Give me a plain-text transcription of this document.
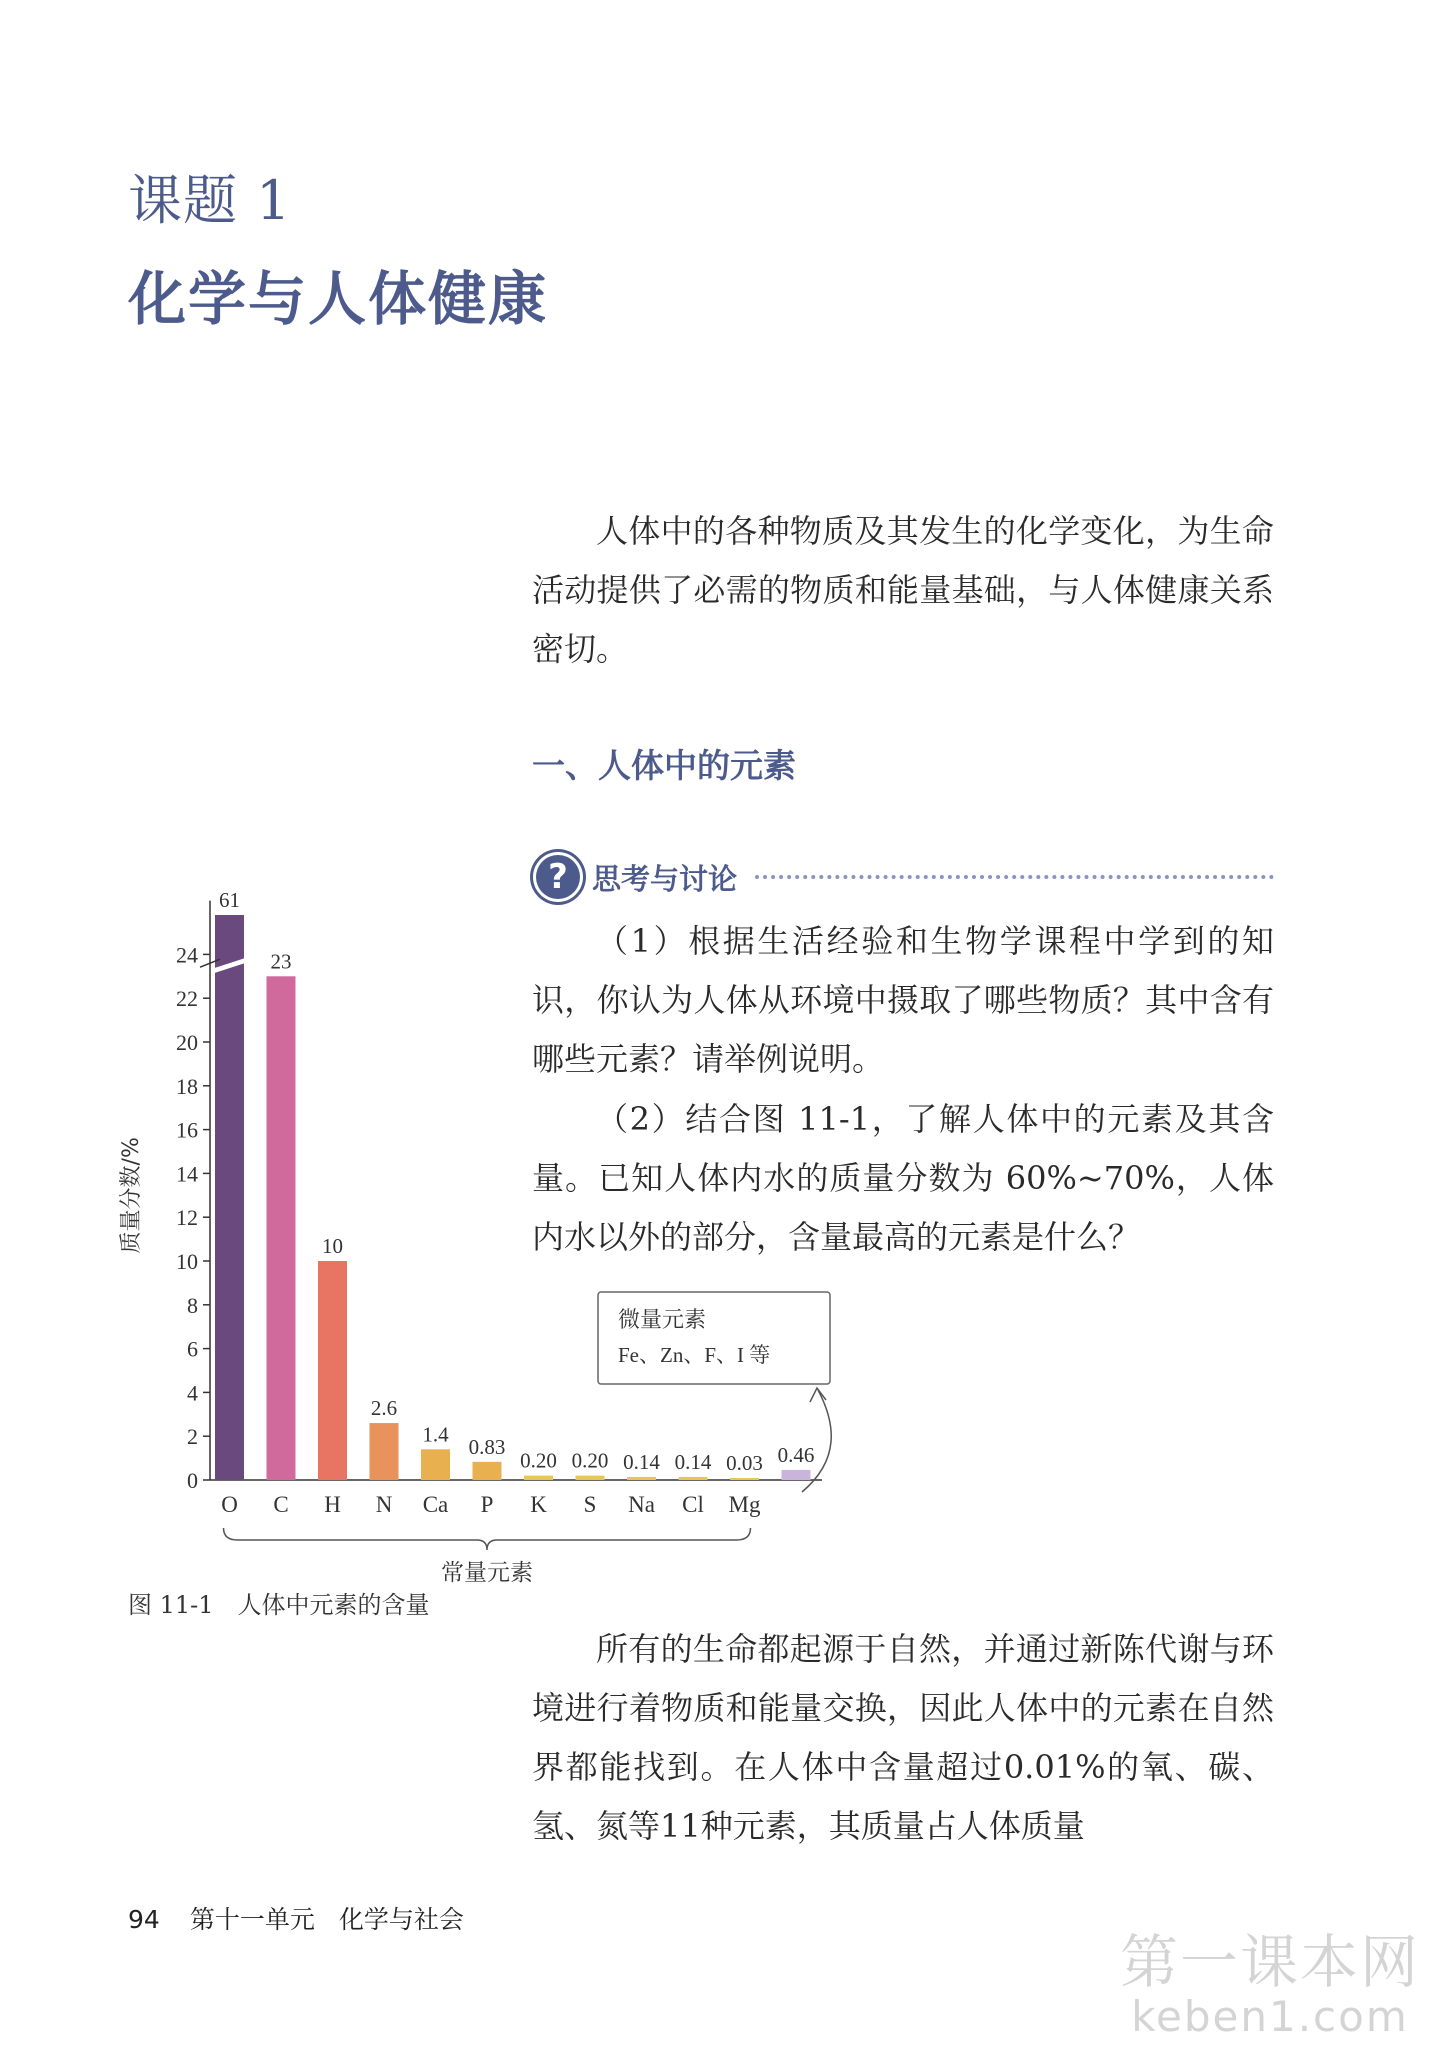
课题 1
化学与人体健康

人体中的各种物质及其发生的化学变化，为生命活动提供了必需的物质和能量基础，与人体健康关系密切。

一、人体中的元素
? 思考与讨论

（1）根据生活经验和生物学课程中学到的知识，你认为人体从环境中摄取了哪些物质？其中含有哪些元素？请举例说明。

（2）结合图 11-1，了解人体中的元素及其含量。已知人体内水的质量分数为 60%~70%，人体内水以外的部分，含量最高的元素是什么？

0
2
4
6
8
10
12
14
16
18
20
22
24
质量分数/%
61
O
23
C
10
H
2.6
N
1.4
Ca
0.83
P
0.20
K
0.20
S
0.14
Na
0.14
Cl
0.03
Mg
0.46
常量元素
微量元素
Fe、Zn、F、I 等
图 11-1 人体中元素的含量

所有的生命都起源于自然，并通过新陈代谢与环境进行着物质和能量交换，因此人体中的元素在自然界都能找到。在人体中含量超过0.01%的氧、碳、氢、氮等11种元素，其质量占人体质量

94 第十一单元 化学与社会
第一课本网
keben1.com
